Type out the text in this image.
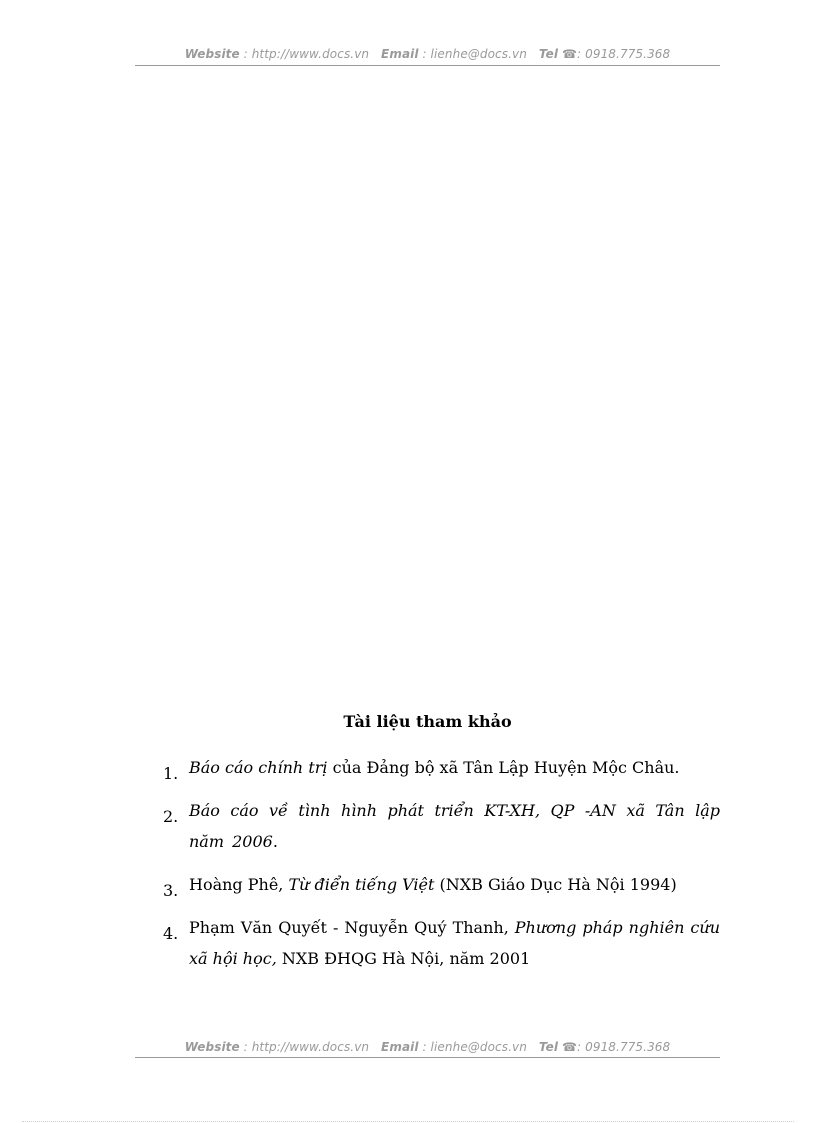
Website : http://www.docs.vn Email : lienhe@docs.vn Tel ☎: 0918.775.368
Tài liệu tham khảo
1. Báo cáo chính trị của Đảng bộ xã Tân Lập Huyện Mộc Châu.
2. Báo cáo về tình hình phát triển KT-XH, QP -AN xã Tân lập năm 2006.
3. Hoàng Phê, Từ điển tiếng Việt (NXB Giáo Dục Hà Nội 1994)
4. Phạm Văn Quyết - Nguyễn Quý Thanh, Phương pháp nghiên cứu xã hội học, NXB ĐHQG Hà Nội, năm 2001
Website : http://www.docs.vn Email : lienhe@docs.vn Tel ☎: 0918.775.368
